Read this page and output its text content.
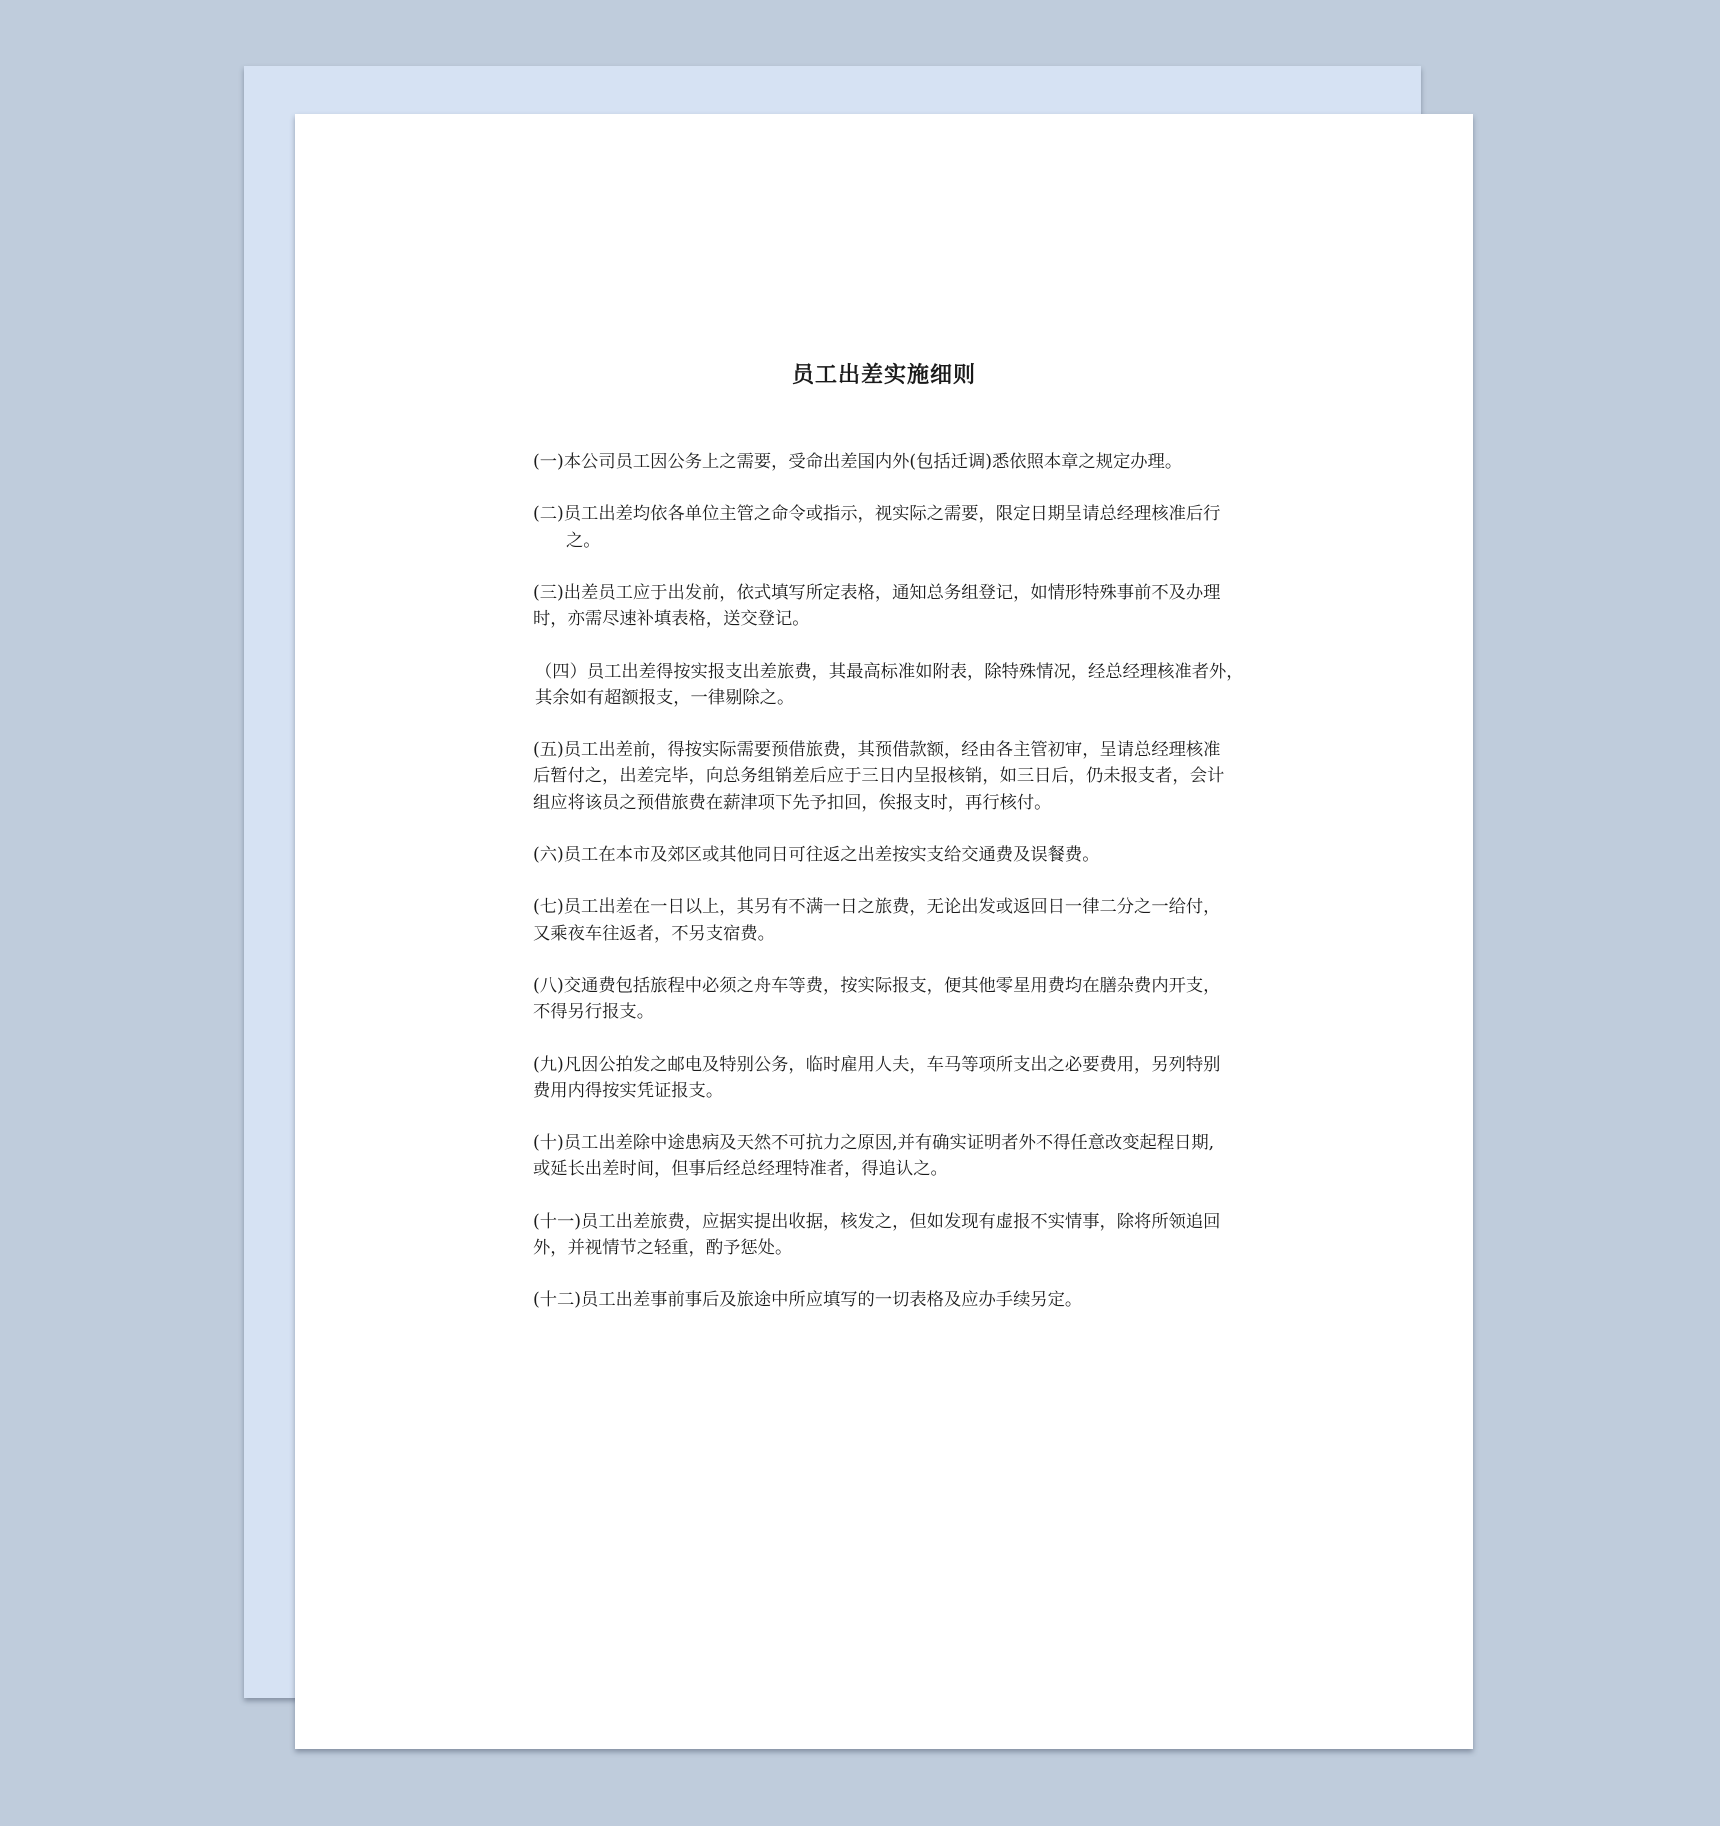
员工出差实施细则
(一)本公司员工因公务上之需要，受命出差国内外(包括迁调)悉依照本章之规定办理。
(二)员工出差均依各单位主管之命令或指示，视实际之需要，限定日期呈请总经理核准后行
之。
(三)出差员工应于出发前，依式填写所定表格，通知总务组登记，如情形特殊事前不及办理
时，亦需尽速补填表格，送交登记。
（四）员工出差得按实报支出差旅费，其最高标准如附表，除特殊情况，经总经理核准者外，
其余如有超额报支，一律剔除之。
(五)员工出差前，得按实际需要预借旅费，其预借款额，经由各主管初审，呈请总经理核准
后暂付之，出差完毕，向总务组销差后应于三日内呈报核销，如三日后，仍未报支者，会计
组应将该员之预借旅费在薪津项下先予扣回，俟报支时，再行核付。
(六)员工在本市及郊区或其他同日可往返之出差按实支给交通费及误餐费。
(七)员工出差在一日以上，其另有不满一日之旅费，无论出发或返回日一律二分之一给付，
又乘夜车往返者，不另支宿费。
(八)交通费包括旅程中必须之舟车等费，按实际报支，便其他零星用费均在膳杂费内开支，
不得另行报支。
(九)凡因公拍发之邮电及特别公务，临时雇用人夫，车马等项所支出之必要费用，另列特别
费用内得按实凭证报支。
(十)员工出差除中途患病及天然不可抗力之原因,并有确实证明者外不得任意改变起程日期,
或延长出差时间，但事后经总经理特准者，得追认之。
(十一)员工出差旅费，应据实提出收据，核发之，但如发现有虚报不实情事，除将所领追回
外，并视情节之轻重，酌予惩处。
(十二)员工出差事前事后及旅途中所应填写的一切表格及应办手续另定。
